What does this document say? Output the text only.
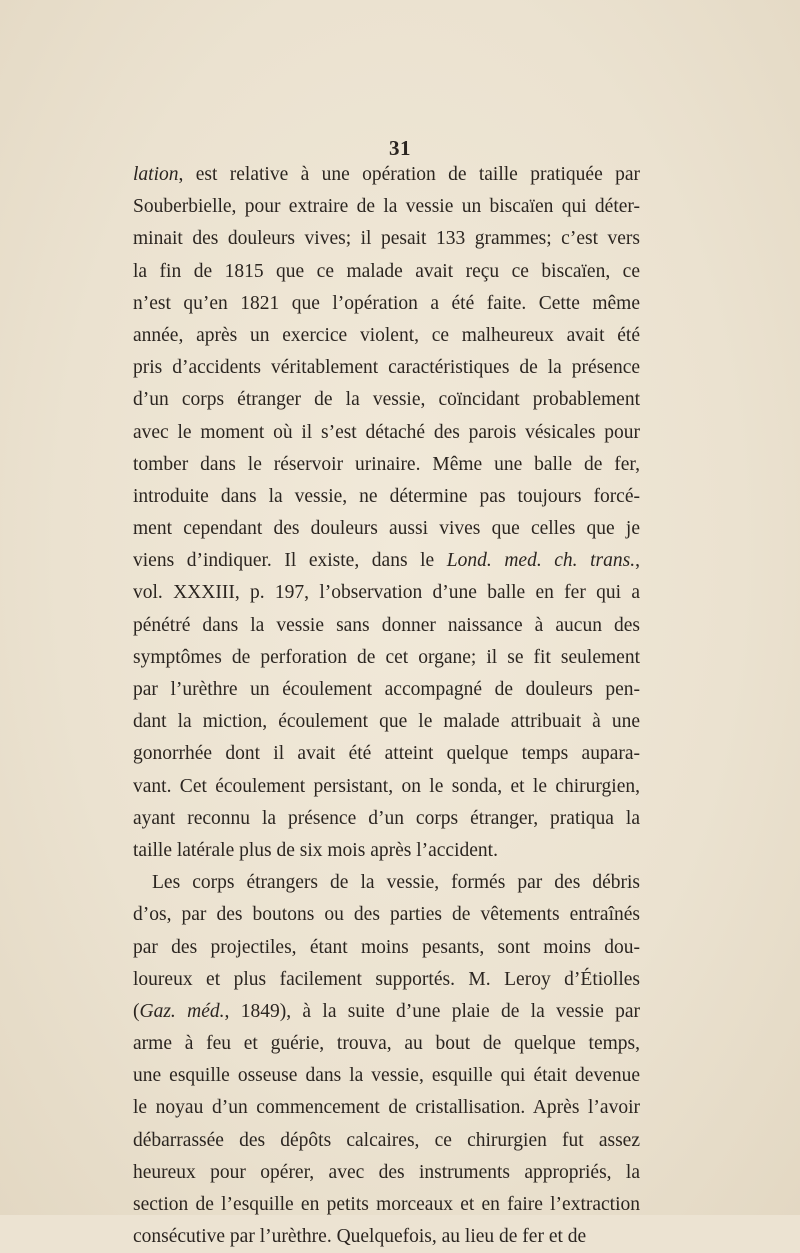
31
lation, est relative à une opération de taille pratiquée par
Souberbielle, pour extraire de la vessie un biscaïen qui déter-
minait des douleurs vives; il pesait 133 grammes; c’est vers
la fin de 1815 que ce malade avait reçu ce biscaïen, ce
n’est qu’en 1821 que l’opération a été faite. Cette même
année, après un exercice violent, ce malheureux avait été
pris d’accidents véritablement caractéristiques de la présence
d’un corps étranger de la vessie, coïncidant probablement
avec le moment où il s’est détaché des parois vésicales pour
tomber dans le réservoir urinaire. Même une balle de fer,
introduite dans la vessie, ne détermine pas toujours forcé-
ment cependant des douleurs aussi vives que celles que je
viens d’indiquer. Il existe, dans le Lond. med. ch. trans.,
vol. XXXIII, p. 197, l’observation d’une balle en fer qui a
pénétré dans la vessie sans donner naissance à aucun des
symptômes de perforation de cet organe; il se fit seulement
par l’urèthre un écoulement accompagné de douleurs pen-
dant la miction, écoulement que le malade attribuait à une
gonorrhée dont il avait été atteint quelque temps aupara-
vant. Cet écoulement persistant, on le sonda, et le chirurgien,
ayant reconnu la présence d’un corps étranger, pratiqua la
taille latérale plus de six mois après l’accident.
Les corps étrangers de la vessie, formés par des débris
d’os, par des boutons ou des parties de vêtements entraînés
par des projectiles, étant moins pesants, sont moins dou-
loureux et plus facilement supportés. M. Leroy d’Étiolles
(Gaz. méd., 1849), à la suite d’une plaie de la vessie par
arme à feu et guérie, trouva, au bout de quelque temps,
une esquille osseuse dans la vessie, esquille qui était devenue
le noyau d’un commencement de cristallisation. Après l’avoir
débarrassée des dépôts calcaires, ce chirurgien fut assez
heureux pour opérer, avec des instruments appropriés, la
section de l’esquille en petits morceaux et en faire l’extraction
consécutive par l’urèthre. Quelquefois, au lieu de fer et de
